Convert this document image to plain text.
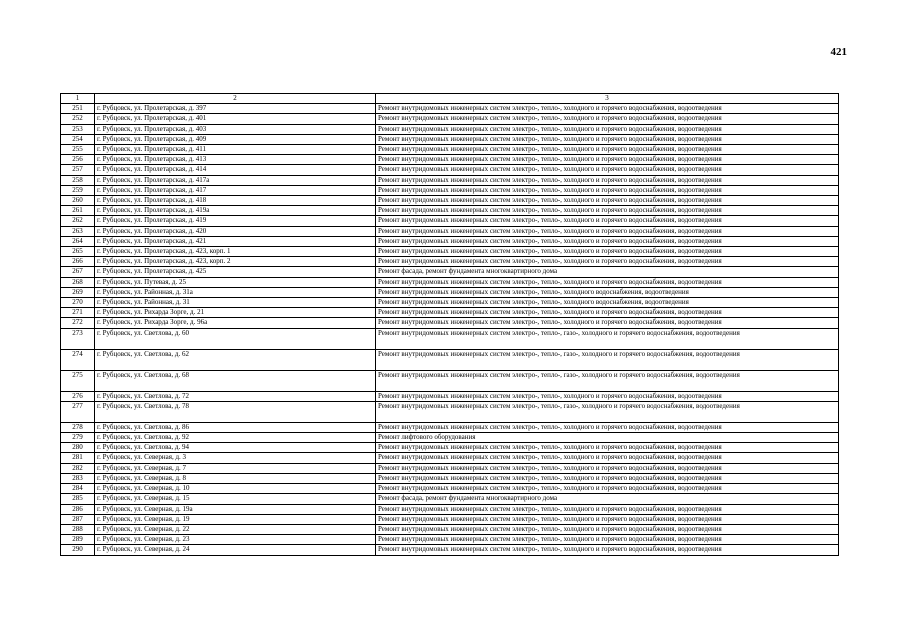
421
1	2	3
251	г. Рубцовск, ул. Пролетарская, д. 397	Ремонт внутридомовых инженерных систем электро-, тепло-, холодного и горячего водоснабжения, водоотведения
252	г. Рубцовск, ул. Пролетарская, д. 401	Ремонт внутридомовых инженерных систем электро-, тепло-, холодного и горячего водоснабжения, водоотведения
253	г. Рубцовск, ул. Пролетарская, д. 403	Ремонт внутридомовых инженерных систем электро-, тепло-, холодного и горячего водоснабжения, водоотведения
254	г. Рубцовск, ул. Пролетарская, д. 409	Ремонт внутридомовых инженерных систем электро-, тепло-, холодного и горячего водоснабжения, водоотведения
255	г. Рубцовск, ул. Пролетарская, д. 411	Ремонт внутридомовых инженерных систем электро-, тепло-, холодного и горячего водоснабжения, водоотведения
256	г. Рубцовск, ул. Пролетарская, д. 413	Ремонт внутридомовых инженерных систем электро-, тепло-, холодного и горячего водоснабжения, водоотведения
257	г. Рубцовск, ул. Пролетарская, д. 414	Ремонт внутридомовых инженерных систем электро-, тепло-, холодного и горячего водоснабжения, водоотведения
258	г. Рубцовск, ул. Пролетарская, д. 417а	Ремонт внутридомовых инженерных систем электро-, тепло-, холодного и горячего водоснабжения, водоотведения
259	г. Рубцовск, ул. Пролетарская, д. 417	Ремонт внутридомовых инженерных систем электро-, тепло-, холодного и горячего водоснабжения, водоотведения
260	г. Рубцовск, ул. Пролетарская, д. 418	Ремонт внутридомовых инженерных систем электро-, тепло-, холодного и горячего водоснабжения, водоотведения
261	г. Рубцовск, ул. Пролетарская, д. 419а	Ремонт внутридомовых инженерных систем электро-, тепло-, холодного и горячего водоснабжения, водоотведения
262	г. Рубцовск, ул. Пролетарская, д. 419	Ремонт внутридомовых инженерных систем электро-, тепло-, холодного и горячего водоснабжения, водоотведения
263	г. Рубцовск, ул. Пролетарская, д. 420	Ремонт внутридомовых инженерных систем электро-, тепло-, холодного и горячего водоснабжения, водоотведения
264	г. Рубцовск, ул. Пролетарская, д. 421	Ремонт внутридомовых инженерных систем электро-, тепло-, холодного и горячего водоснабжения, водоотведения
265	г. Рубцовск, ул. Пролетарская, д. 423, корп. 1	Ремонт внутридомовых инженерных систем электро-, тепло-, холодного и горячего водоснабжения, водоотведения
266	г. Рубцовск, ул. Пролетарская, д. 423, корп. 2	Ремонт внутридомовых инженерных систем электро-, тепло-, холодного и горячего водоснабжения, водоотведения
267	г. Рубцовск, ул. Пролетарская, д. 425	Ремонт фасада, ремонт фундамента многоквартирного дома
268	г. Рубцовск, ул. Путевая, д. 25	Ремонт внутридомовых инженерных систем электро-, тепло-, холодного и горячего водоснабжения, водоотведения
269	г. Рубцовск, ул. Районная, д. 31а	Ремонт внутридомовых инженерных систем электро-, тепло-, холодного водоснабжения, водоотведения
270	г. Рубцовск, ул. Районная, д. 31	Ремонт внутридомовых инженерных систем электро-, тепло-, холодного водоснабжения, водоотведения
271	г. Рубцовск, ул. Рихарда Зорге, д. 21	Ремонт внутридомовых инженерных систем электро-, тепло-, холодного и горячего водоснабжения, водоотведения
272	г. Рубцовск, ул. Рихарда Зорге, д. 96а	Ремонт внутридомовых инженерных систем электро-, тепло-, холодного и горячего водоснабжения, водоотведения
273	г. Рубцовск, ул. Светлова, д. 60	Ремонт внутридомовых инженерных систем электро-, тепло-, газо-, холодного и горячего водоснабжения, водоотведения
274	г. Рубцовск, ул. Светлова, д. 62	Ремонт внутридомовых инженерных систем электро-, тепло-, газо-, холодного и горячего водоснабжения, водоотведения
275	г. Рубцовск, ул. Светлова, д. 68	Ремонт внутридомовых инженерных систем электро-, тепло-, газо-, холодного и горячего водоснабжения, водоотведения
276	г. Рубцовск, ул. Светлова, д. 72	Ремонт внутридомовых инженерных систем электро-, тепло-, холодного и горячего водоснабжения, водоотведения
277	г. Рубцовск, ул. Светлова, д. 78	Ремонт внутридомовых инженерных систем электро-, тепло-, газо-, холодного и горячего водоснабжения, водоотведения
278	г. Рубцовск, ул. Светлова, д. 86	Ремонт внутридомовых инженерных систем электро-, тепло-, холодного и горячего водоснабжения, водоотведения
279	г. Рубцовск, ул. Светлова, д. 92	Ремонт лифтового оборудования
280	г. Рубцовск, ул. Светлова, д. 94	Ремонт внутридомовых инженерных систем электро-, тепло-, холодного и горячего водоснабжения, водоотведения
281	г. Рубцовск, ул. Северная, д. 3	Ремонт внутридомовых инженерных систем электро-, тепло-, холодного и горячего водоснабжения, водоотведения
282	г. Рубцовск, ул. Северная, д. 7	Ремонт внутридомовых инженерных систем электро-, тепло-, холодного и горячего водоснабжения, водоотведения
283	г. Рубцовск, ул. Северная, д. 8	Ремонт внутридомовых инженерных систем электро-, тепло-, холодного и горячего водоснабжения, водоотведения
284	г. Рубцовск, ул. Северная, д. 10	Ремонт внутридомовых инженерных систем электро-, тепло-, холодного и горячего водоснабжения, водоотведения
285	г. Рубцовск, ул. Северная, д. 15	Ремонт фасада, ремонт фундамента многоквартирного дома
286	г. Рубцовск, ул. Северная, д. 19а	Ремонт внутридомовых инженерных систем электро-, тепло-, холодного и горячего водоснабжения, водоотведения
287	г. Рубцовск, ул. Северная, д. 19	Ремонт внутридомовых инженерных систем электро-, тепло-, холодного и горячего водоснабжения, водоотведения
288	г. Рубцовск, ул. Северная, д. 22	Ремонт внутридомовых инженерных систем электро-, тепло-, холодного и горячего водоснабжения, водоотведения
289	г. Рубцовск, ул. Северная, д. 23	Ремонт внутридомовых инженерных систем электро-, тепло-, холодного и горячего водоснабжения, водоотведения
290	г. Рубцовск, ул. Северная, д. 24	Ремонт внутридомовых инженерных систем электро-, тепло-, холодного и горячего водоснабжения, водоотведения
